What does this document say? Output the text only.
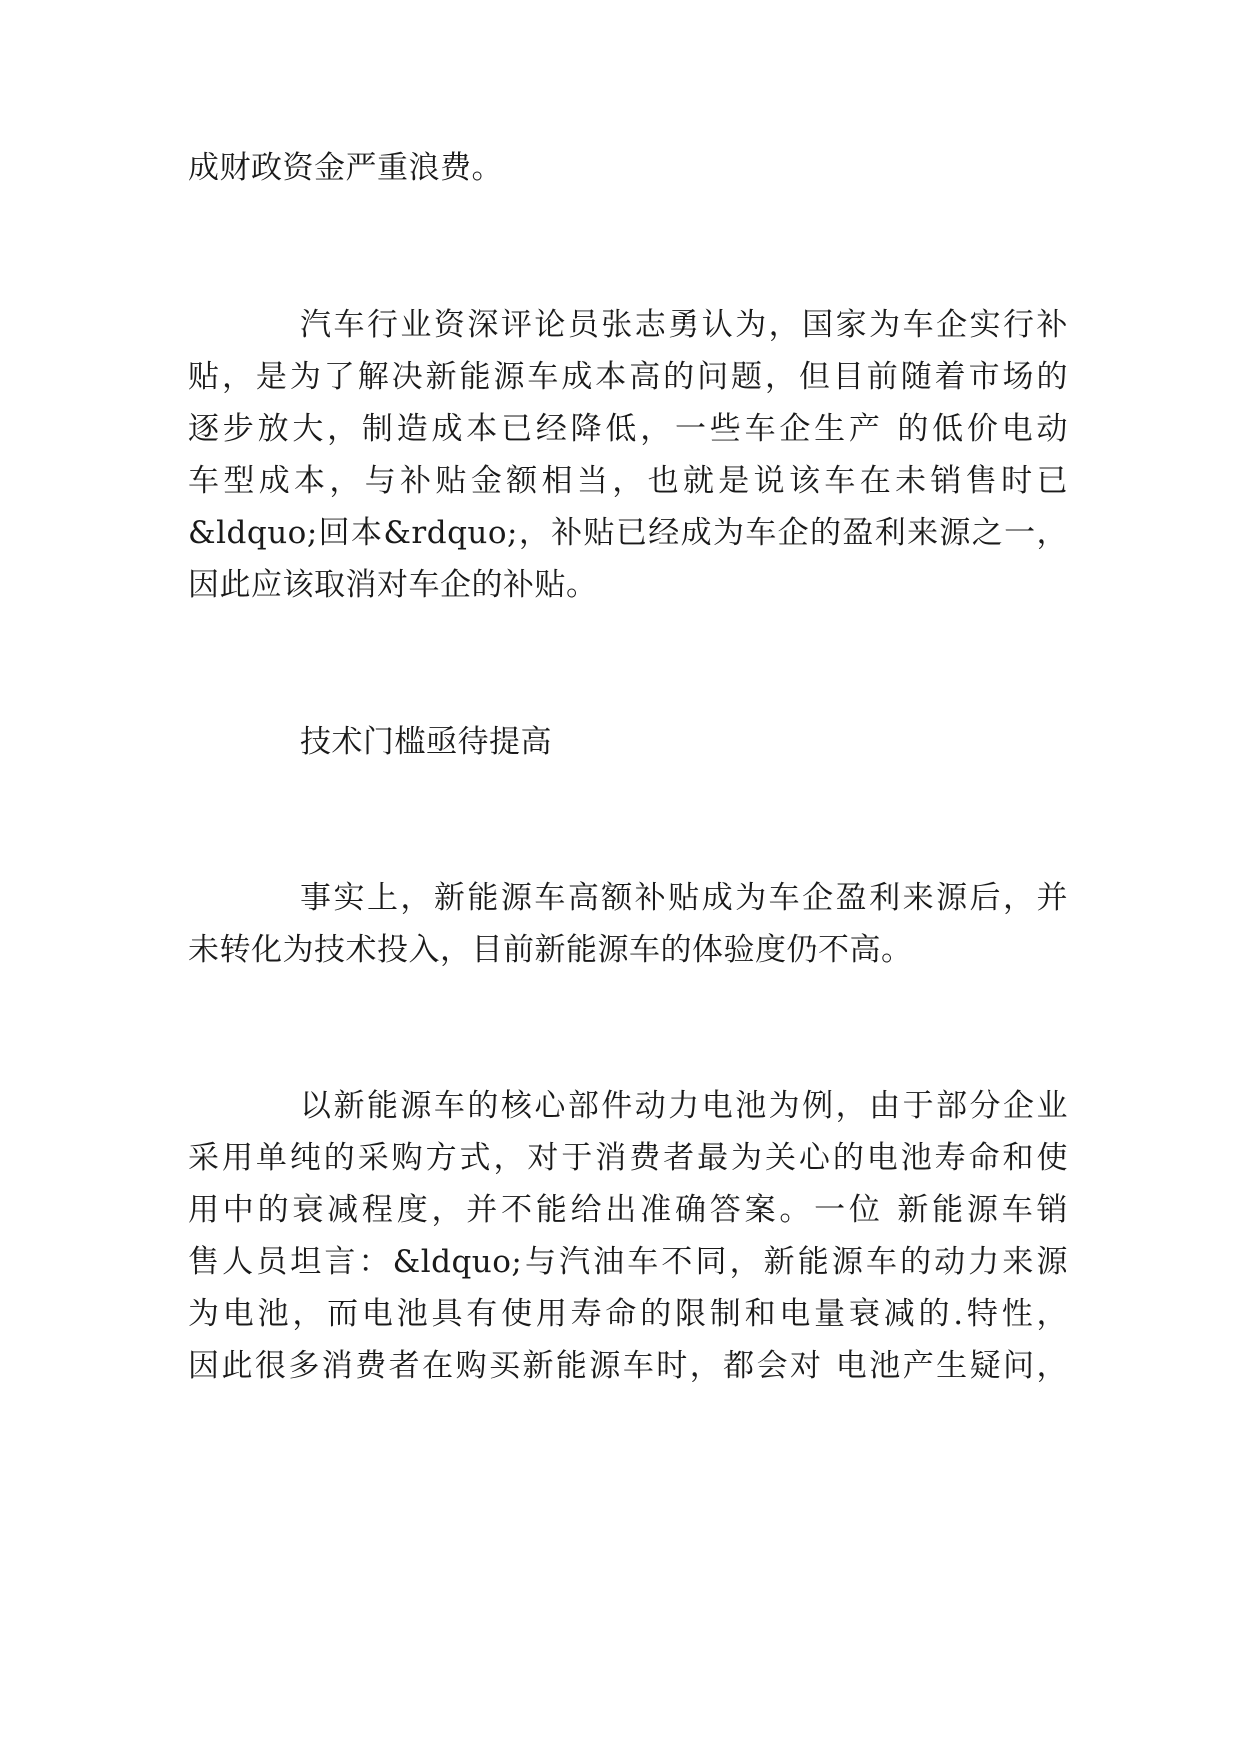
成财政资金严重浪费。
汽车行业资深评论员张志勇认为，国家为车企实行补
贴，是为了解决新能源车成本高的问题，但目前随着市场的
逐步放大，制造成本已经降低，一些车企生产 的低价电动
车型成本，与补贴金额相当，也就是说该车在未销售时已
&ldquo;回本&rdquo;，补贴已经成为车企的盈利来源之一，
因此应该取消对车企的补贴。
技术门槛亟待提高
事实上，新能源车高额补贴成为车企盈利来源后，并
未转化为技术投入，目前新能源车的体验度仍不高。
以新能源车的核心部件动力电池为例，由于部分企业
采用单纯的采购方式，对于消费者最为关心的电池寿命和使
用中的衰减程度，并不能给出准确答案。一位 新能源车销
售人员坦言：&ldquo;与汽油车不同，新能源车的动力来源
为电池，而电池具有使用寿命的限制和电量衰减的.特性，
因此很多消费者在购买新能源车时，都会对 电池产生疑问，
